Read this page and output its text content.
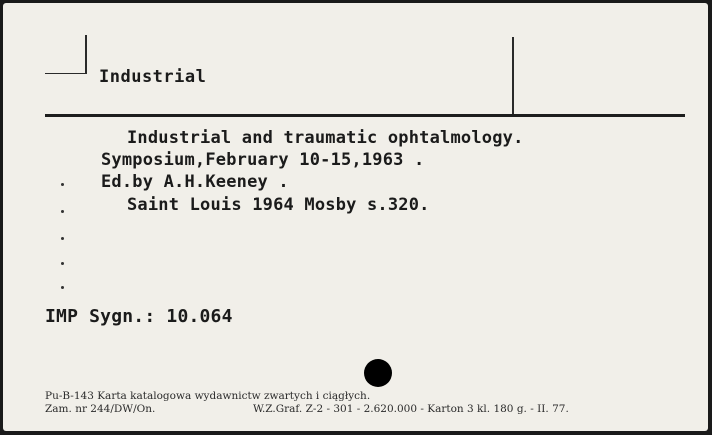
Industrial
Industrial and traumatic ophtalmology.
Symposium,February 10-15,1963 .
Ed.by A.H.Keeney .
Saint Louis 1964 Mosby s.320.
IMP Sygn.: 10.064
Pu-B-143 Karta katalogowa wydawnictw zwartych i ciągłych.
Zam. nr 244/DW/On.	W.Z.Graf. Z-2 - 301 - 2.620.000 - Karton 3 kl. 180 g. - II. 77.
